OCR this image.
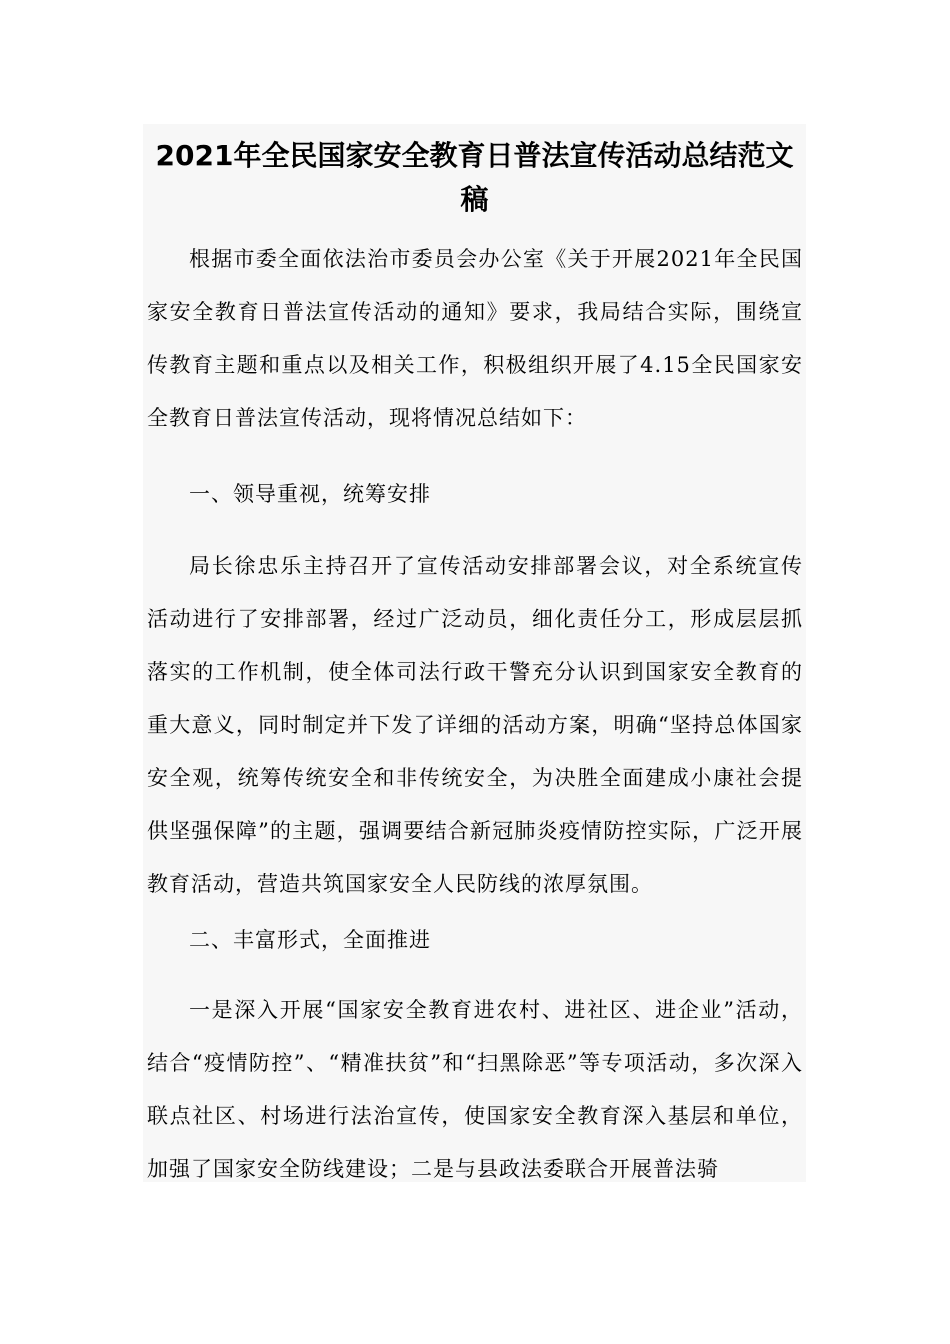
2021年全民国家安全教育日普法宣传活动总结范文稿

根据市委全面依法治市委员会办公室《关于开展2021年全民国家安全教育日普法宣传活动的通知》要求，我局结合实际，围绕宣传教育主题和重点以及相关工作，积极组织开展了4.15全民国家安全教育日普法宣传活动，现将情况总结如下：

一、领导重视，统筹安排

局长徐忠乐主持召开了宣传活动安排部署会议，对全系统宣传活动进行了安排部署，经过广泛动员，细化责任分工，形成层层抓落实的工作机制，使全体司法行政干警充分认识到国家安全教育的重大意义，同时制定并下发了详细的活动方案，明确“坚持总体国家安全观，统筹传统安全和非传统安全，为决胜全面建成小康社会提供坚强保障”的主题，强调要结合新冠肺炎疫情防控实际，广泛开展教育活动，营造共筑国家安全人民防线的浓厚氛围。

二、丰富形式，全面推进

一是深入开展“国家安全教育进农村、进社区、进企业”活动，结合“疫情防控”、“精准扶贫”和“扫黑除恶”等专项活动，多次深入联点社区、村场进行法治宣传，使国家安全教育深入基层和单位，加强了国家安全防线建设；二是与县政法委联合开展普法骑
